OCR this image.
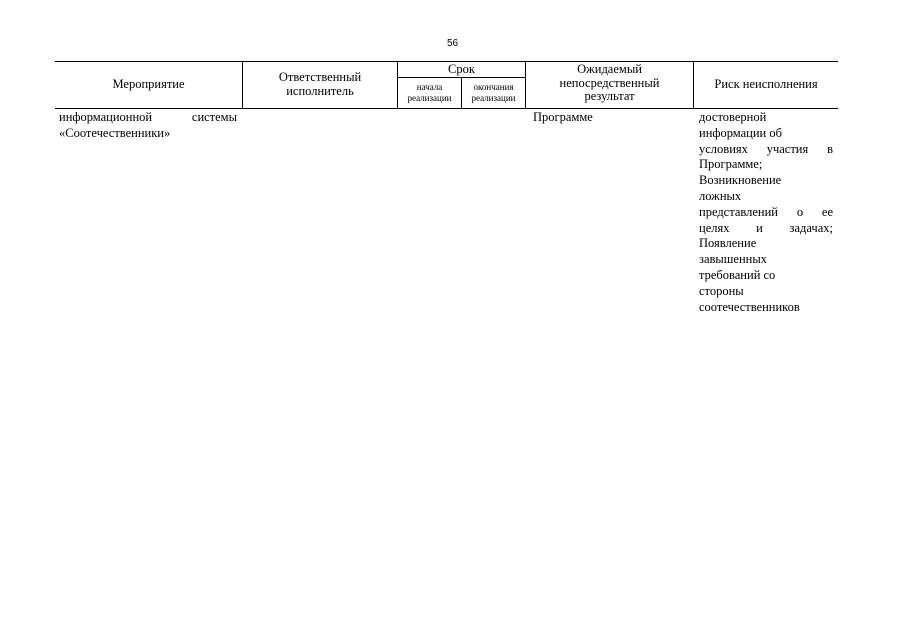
56
Мероприятие	Ответственный
исполнитель
Срок
начала
реализации
окончания
реализации
Ожидаемый
непосредственный
результат
Риск неисполнения
информационной системы
«Соотечественники»
Программе	достоверной
информации об
условиях участия в
Программе;
Возникновение
ложных
представлений о ее
целях и задачах;
Появление
завышенных
требований со
стороны
соотечественников
